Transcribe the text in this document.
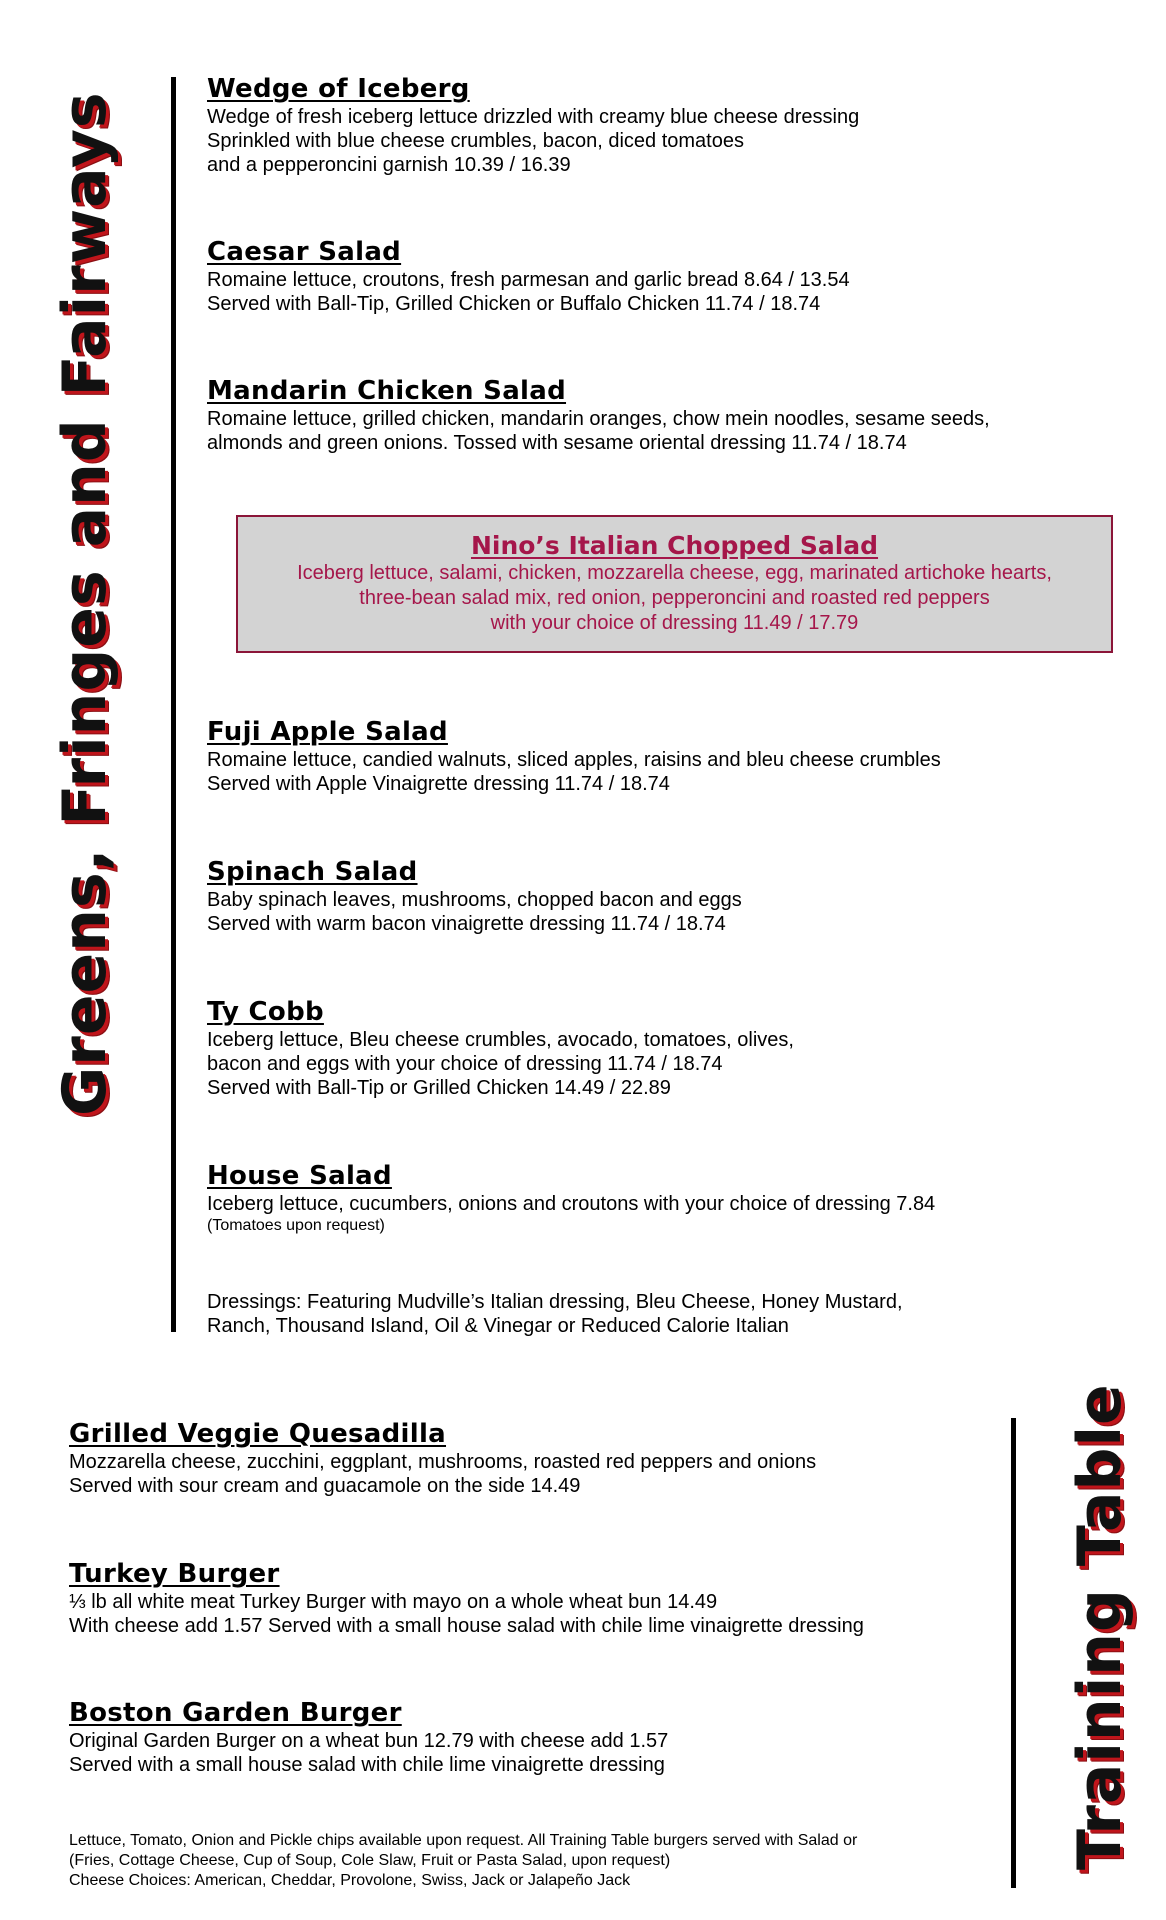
Greens, Fringes and Fairways
Wedge of Iceberg

Wedge of fresh iceberg lettuce drizzled with creamy blue cheese dressing

Sprinkled with blue cheese crumbles, bacon, diced tomatoes

and a pepperoncini garnish 10.39 / 16.39

Caesar Salad

Romaine lettuce, croutons, fresh parmesan and garlic bread 8.64 / 13.54

Served with Ball-Tip, Grilled Chicken or Buffalo Chicken 11.74 / 18.74

Mandarin Chicken Salad

Romaine lettuce, grilled chicken, mandarin oranges, chow mein noodles, sesame seeds,

almonds and green onions. Tossed with sesame oriental dressing 11.74 / 18.74

Nino’s Italian Chopped Salad

Iceberg lettuce, salami, chicken, mozzarella cheese, egg, marinated artichoke hearts,

three-bean salad mix, red onion, pepperoncini and roasted red peppers

with your choice of dressing 11.49 / 17.79

Fuji Apple Salad

Romaine lettuce, candied walnuts, sliced apples, raisins and bleu cheese crumbles

Served with Apple Vinaigrette dressing 11.74 / 18.74

Spinach Salad

Baby spinach leaves, mushrooms, chopped bacon and eggs

Served with warm bacon vinaigrette dressing 11.74 / 18.74

Ty Cobb

Iceberg lettuce, Bleu cheese crumbles, avocado, tomatoes, olives,

bacon and eggs with your choice of dressing 11.74 / 18.74

Served with Ball-Tip or Grilled Chicken 14.49 / 22.89

House Salad

Iceberg lettuce, cucumbers, onions and croutons with your choice of dressing 7.84

(Tomatoes upon request)

Dressings: Featuring Mudville’s Italian dressing, Bleu Cheese, Honey Mustard,

Ranch, Thousand Island, Oil & Vinegar or Reduced Calorie Italian

Training Table
Grilled Veggie Quesadilla

Mozzarella cheese, zucchini, eggplant, mushrooms, roasted red peppers and onions

Served with sour cream and guacamole on the side 14.49

Turkey Burger

⅓ lb all white meat Turkey Burger with mayo on a whole wheat bun 14.49

With cheese add 1.57 Served with a small house salad with chile lime vinaigrette dressing

Boston Garden Burger

Original Garden Burger on a wheat bun 12.79 with cheese add 1.57

Served with a small house salad with chile lime vinaigrette dressing

Lettuce, Tomato, Onion and Pickle chips available upon request. All Training Table burgers served with Salad or

(Fries, Cottage Cheese, Cup of Soup, Cole Slaw, Fruit or Pasta Salad, upon request)

Cheese Choices: American, Cheddar, Provolone, Swiss, Jack or Jalapeño Jack
